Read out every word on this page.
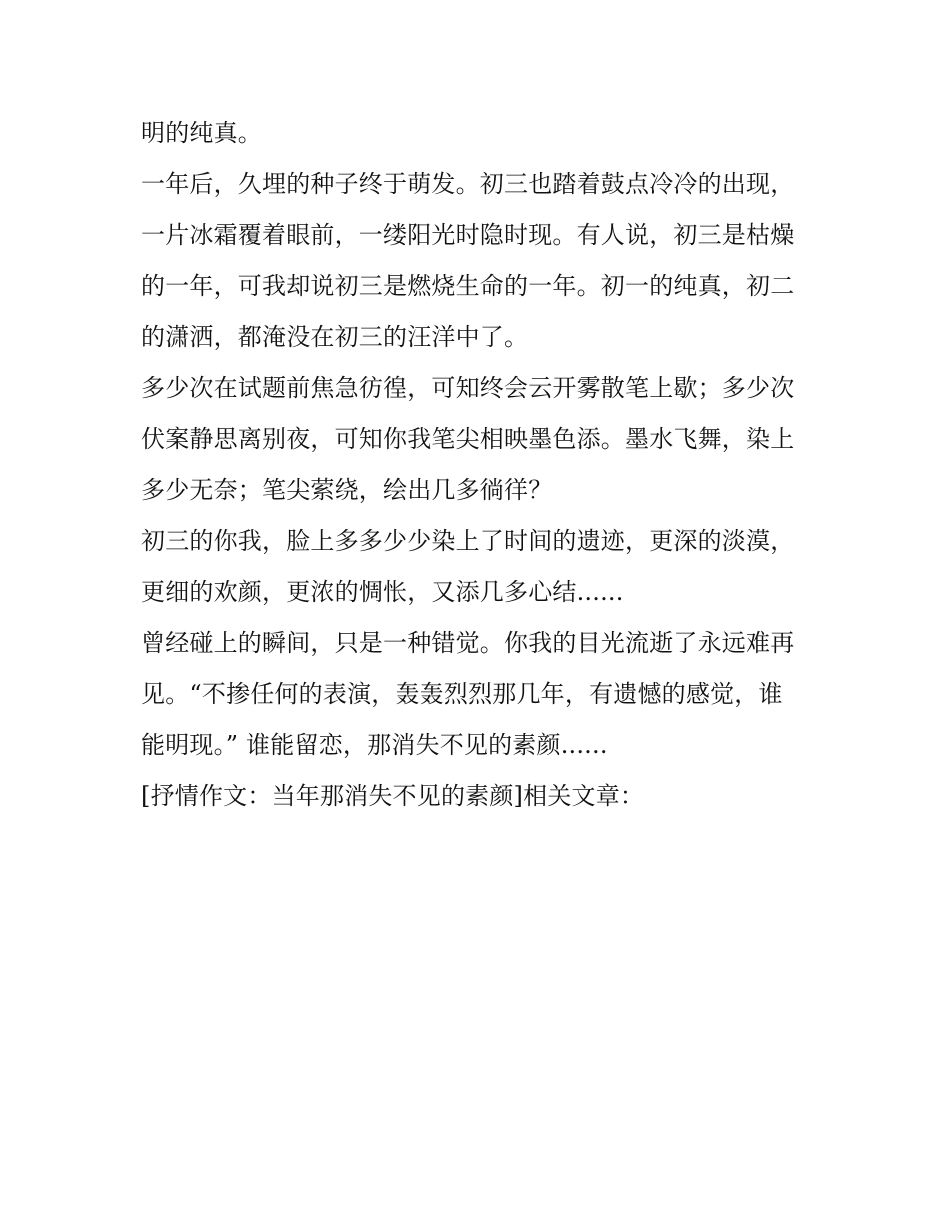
明的纯真。
一年后，久埋的种子终于萌发。初三也踏着鼓点冷冷的出现，
一片冰霜覆着眼前，一缕阳光时隐时现。有人说，初三是枯燥
的一年，可我却说初三是燃烧生命的一年。初一的纯真，初二
的潇洒，都淹没在初三的汪洋中了。
多少次在试题前焦急彷徨，可知终会云开雾散笔上歇；多少次
伏案静思离别夜，可知你我笔尖相映墨色添。墨水飞舞，染上
多少无奈；笔尖萦绕，绘出几多徜徉？
初三的你我，脸上多多少少染上了时间的遗迹，更深的淡漠，
更细的欢颜，更浓的惆怅，又添几多心结......
曾经碰上的瞬间，只是一种错觉。你我的目光流逝了永远难再
见。“不掺任何的表演，轰轰烈烈那几年，有遗憾的感觉，谁
能明现。” 谁能留恋，那消失不见的素颜......
[抒情作文：当年那消失不见的素颜]相关文章：
